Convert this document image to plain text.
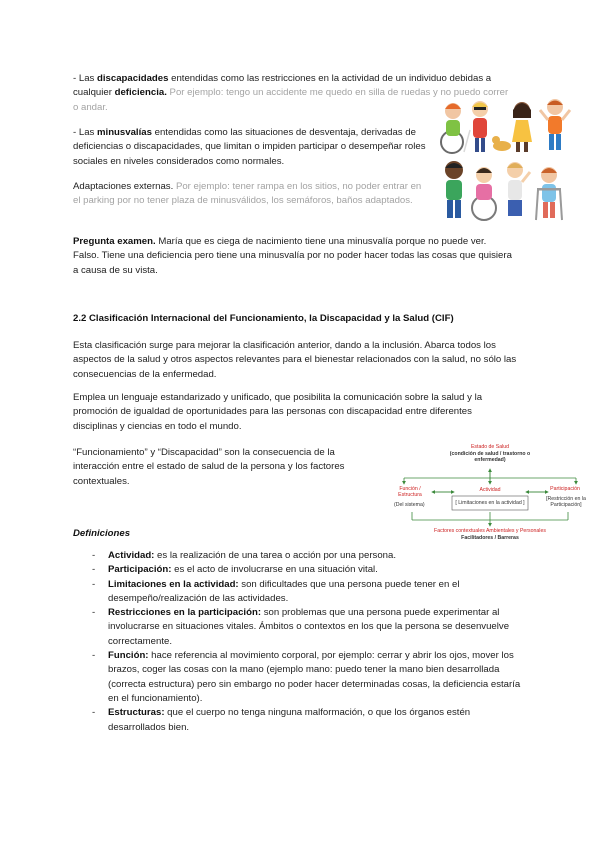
- Las discapacidades entendidas como las restricciones en la actividad de un individuo debidas a cualquier deficiencia. Por ejemplo: tengo un accidente me quedo en silla de ruedas y no puedo correr o andar.

- Las minusvalías entendidas como las situaciones de desventaja, derivadas de deficiencias o discapacidades, que limitan o impiden participar o desempeñar roles sociales en niveles considerados como normales.

Adaptaciones externas. Por ejemplo: tener rampa en los sitios, no poder entrar en el parking por no tener plaza de minusválidos, los semáforos, baños adaptados.

Pregunta examen. María que es ciega de nacimiento tiene una minusvalía porque no puede ver. Falso. Tiene una deficiencia pero tiene una minusvalía por no poder hacer todas las cosas que quisiera a causa de su vista.

2.2 Clasificación Internacional del Funcionamiento, la Discapacidad y la Salud (CIF)

Esta clasificación surge para mejorar la clasificación anterior, dando a la inclusión. Abarca todos los aspectos de la salud y otros aspectos relevantes para el bienestar relacionados con la salud, no sólo las consecuencias de la enfermedad.

Emplea un lenguaje estandarizado y unificado, que posibilita la comunicación sobre la salud y la promoción de igualdad de oportunidades para las personas con discapacidad entre diferentes disciplinas y ciencias en todo el mundo.

“Funcionamiento” y “Discapacidad” son la consecuencia de la interacción entre el estado de salud de la persona y los factores contextuales.

Estado de Salud
(condición de salud / trastorno o enfermedad)
Función / Estructura
(Del sistema)
Actividad
[ Limitaciones en la actividad ]
Participación
[Restricción en la Participación]
Factores contextuales Ambientales y Personales
Facilitadores / Barreras

Definiciones

- Actividad: es la realización de una tarea o acción por una persona.
- Participación: es el acto de involucrarse en una situación vital.
- Limitaciones en la actividad: son dificultades que una persona puede tener en el desempeño/realización de las actividades.
- Restricciones en la participación: son problemas que una persona puede experimentar al involucrarse en situaciones vitales. Ámbitos o contextos en los que la persona se desenvuelve correctamente.
- Función: hace referencia al movimiento corporal, por ejemplo: cerrar y abrir los ojos, mover los brazos, coger las cosas con la mano (ejemplo mano: puedo tener la mano bien desarrollada (correcta estructura) pero sin embargo no poder hacer determinadas cosas, la deficiencia estaría en el funcionamiento).
- Estructuras: que el cuerpo no tenga ninguna malformación, o que los órganos estén desarrollados bien.
